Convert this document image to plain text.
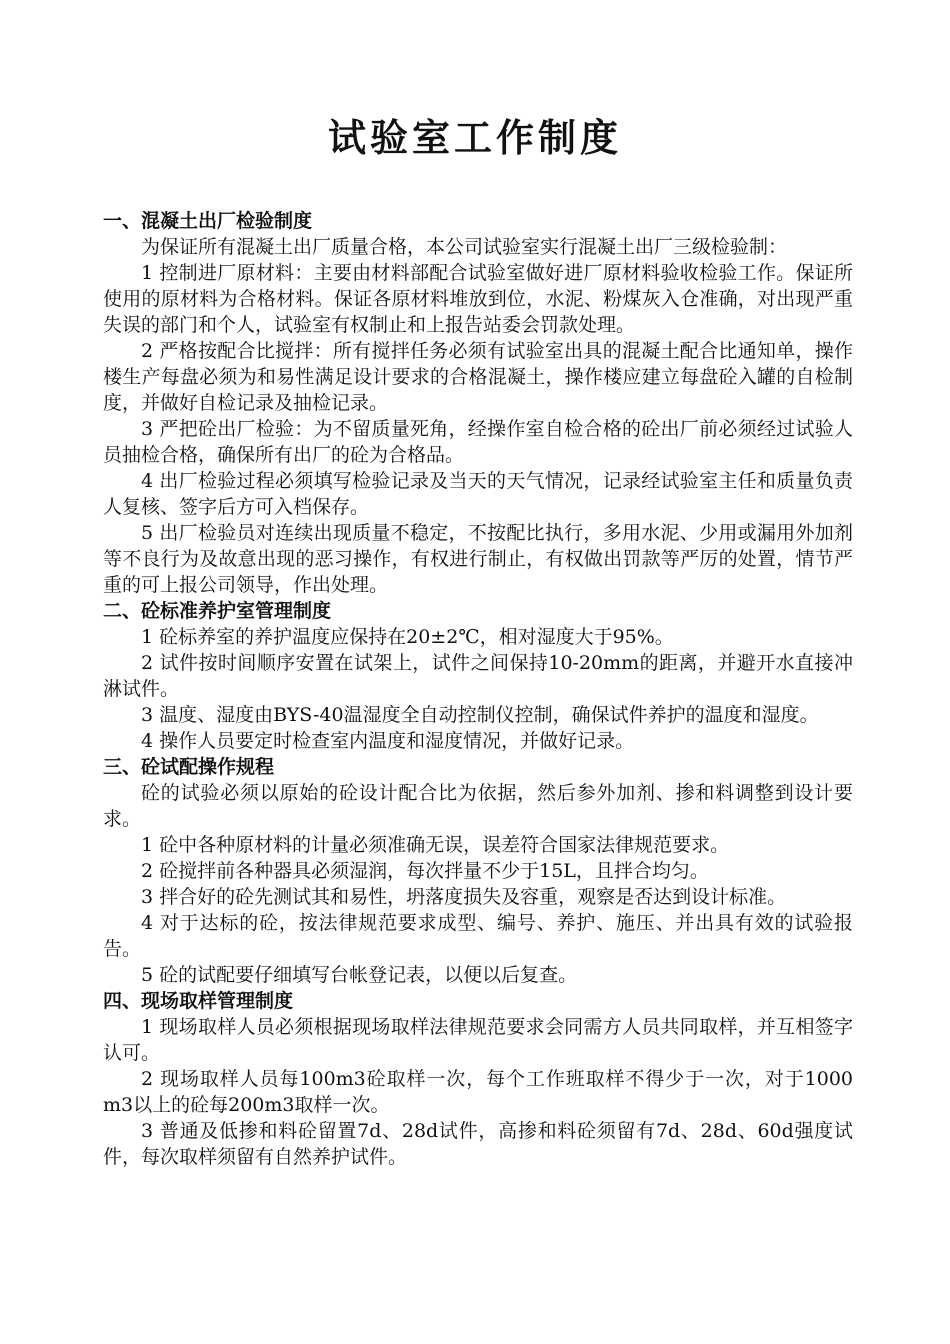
试验室工作制度
一、混凝土出厂检验制度

为保证所有混凝土出厂质量合格，本公司试验室实行混凝土出厂三级检验制：

1 控制进厂原材料：主要由材料部配合试验室做好进厂原材料验收检验工作。保证所使用的原材料为合格材料。保证各原材料堆放到位，水泥、粉煤灰入仓准确，对出现严重失误的部门和个人，试验室有权制止和上报告站委会罚款处理。

2 严格按配合比搅拌：所有搅拌任务必须有试验室出具的混凝土配合比通知单，操作楼生产每盘必须为和易性满足设计要求的合格混凝土，操作楼应建立每盘砼入罐的自检制度，并做好自检记录及抽检记录。

3 严把砼出厂检验：为不留质量死角，经操作室自检合格的砼出厂前必须经过试验人员抽检合格，确保所有出厂的砼为合格品。

4 出厂检验过程必须填写检验记录及当天的天气情况，记录经试验室主任和质量负责人复核、签字后方可入档保存。

5 出厂检验员对连续出现质量不稳定，不按配比执行，多用水泥、少用或漏用外加剂等不良行为及故意出现的恶习操作，有权进行制止，有权做出罚款等严厉的处置，情节严重的可上报公司领导，作出处理。

二、砼标准养护室管理制度

1 砼标养室的养护温度应保持在20±2℃，相对湿度大于95%。

2 试件按时间顺序安置在试架上，试件之间保持10-20mm的距离，并避开水直接冲淋试件。

3 温度、湿度由BYS-40温湿度全自动控制仪控制，确保试件养护的温度和湿度。

4 操作人员要定时检查室内温度和湿度情况，并做好记录。

三、砼试配操作规程

砼的试验必须以原始的砼设计配合比为依据，然后参外加剂、掺和料调整到设计要求。

1 砼中各种原材料的计量必须准确无误，误差符合国家法律规范要求。

2 砼搅拌前各种器具必须湿润，每次拌量不少于15L，且拌合均匀。

3 拌合好的砼先测试其和易性，坍落度损失及容重，观察是否达到设计标准。

4 对于达标的砼，按法律规范要求成型、编号、养护、施压、并出具有效的试验报告。

5 砼的试配要仔细填写台帐登记表，以便以后复查。

四、现场取样管理制度

1 现场取样人员必须根据现场取样法律规范要求会同需方人员共同取样，并互相签字认可。

2 现场取样人员每100m3砼取样一次，每个工作班取样不得少于一次，对于1000 m3以上的砼每200m3取样一次。

3 普通及低掺和料砼留置7d、28d试件，高掺和料砼须留有7d、28d、60d强度试件，每次取样须留有自然养护试件。
